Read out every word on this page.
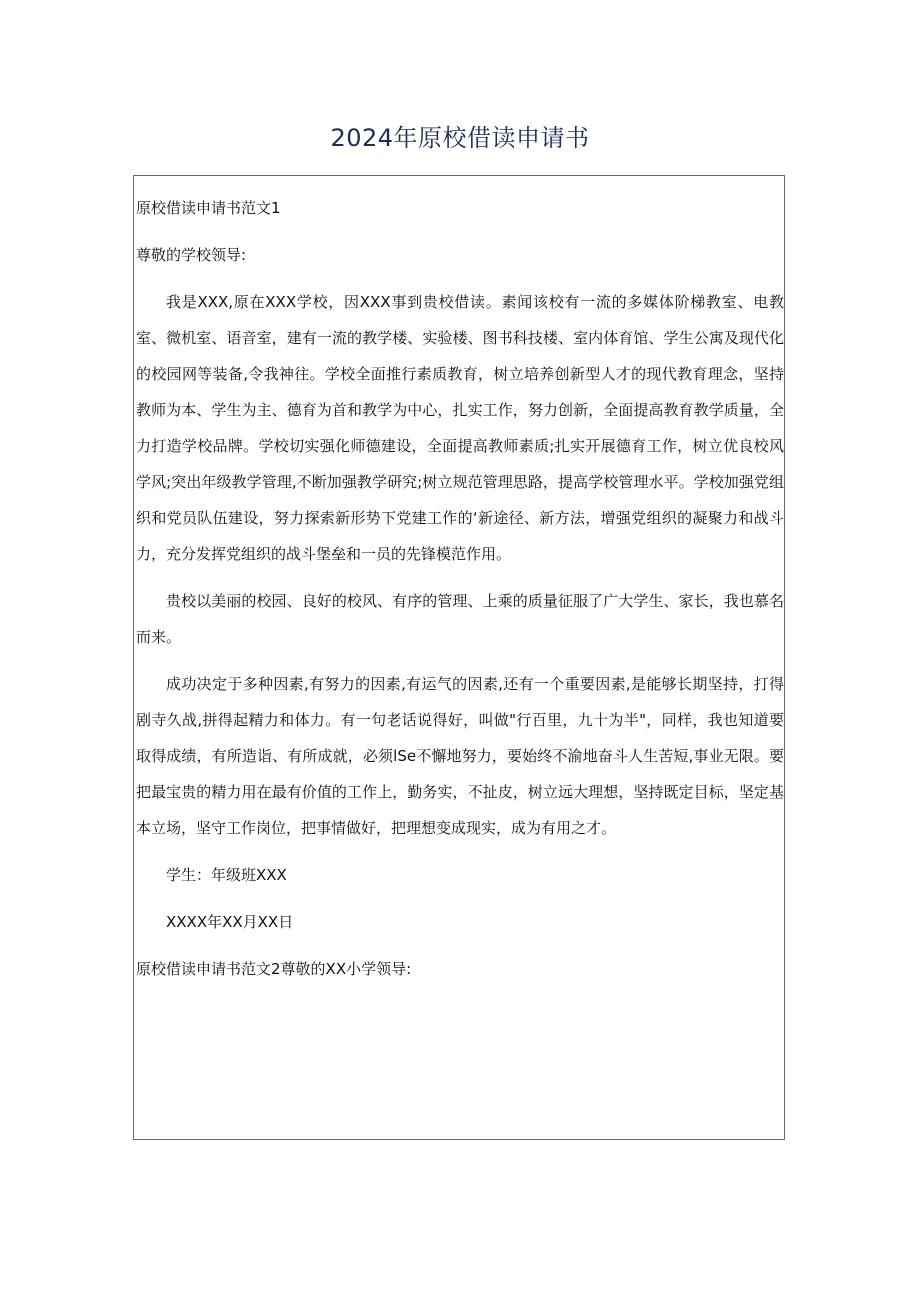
2024年原校借读申请书

原校借读申请书范文1

尊敬的学校领导:

我是XXX,原在XXX学校，因XXX事到贵校借读。素闻该校有一流的多媒体阶梯教室、电教室、微机室、语音室，建有一流的教学楼、实验楼、图书科技楼、室内体育馆、学生公寓及现代化的校园网等装备,令我神往。学校全面推行素质教育，树立培养创新型人才的现代教育理念，坚持教师为本、学生为主、德育为首和教学为中心，扎实工作，努力创新，全面提高教育教学质量，全力打造学校品牌。学校切实强化师德建设，全面提高教师素质;扎实开展德育工作，树立优良校风学风;突出年级教学管理,不断加强教学研究;树立规范管理思路，提高学校管理水平。学校加强党组织和党员队伍建设，努力探索新形势下党建工作的‘新途径、新方法，增强党组织的凝聚力和战斗力，充分发挥党组织的战斗堡垒和一员的先锋模范作用。

贵校以美丽的校园、良好的校风、有序的管理、上乘的质量征服了广大学生、家长，我也慕名而来。

成功决定于多种因素,有努力的因素,有运气的因素,还有一个重要因素,是能够长期坚持，打得剧寺久战,拼得起精力和体力。有一句老话说得好，叫做"行百里，九十为半"，同样，我也知道要取得成绩，有所造诣、有所成就，必须lSe不懈地努力，要始终不渝地奋斗人生苦短,事业无限。要把最宝贵的精力用在最有价值的工作上，勤务实，不扯皮，树立远大理想，坚持既定目标，坚定基本立场，坚守工作岗位，把事情做好，把理想变成现实，成为有用之才。

学生：年级班XXX

XXXX年XX月XX日

原校借读申请书范文2尊敬的XX小学领导:
